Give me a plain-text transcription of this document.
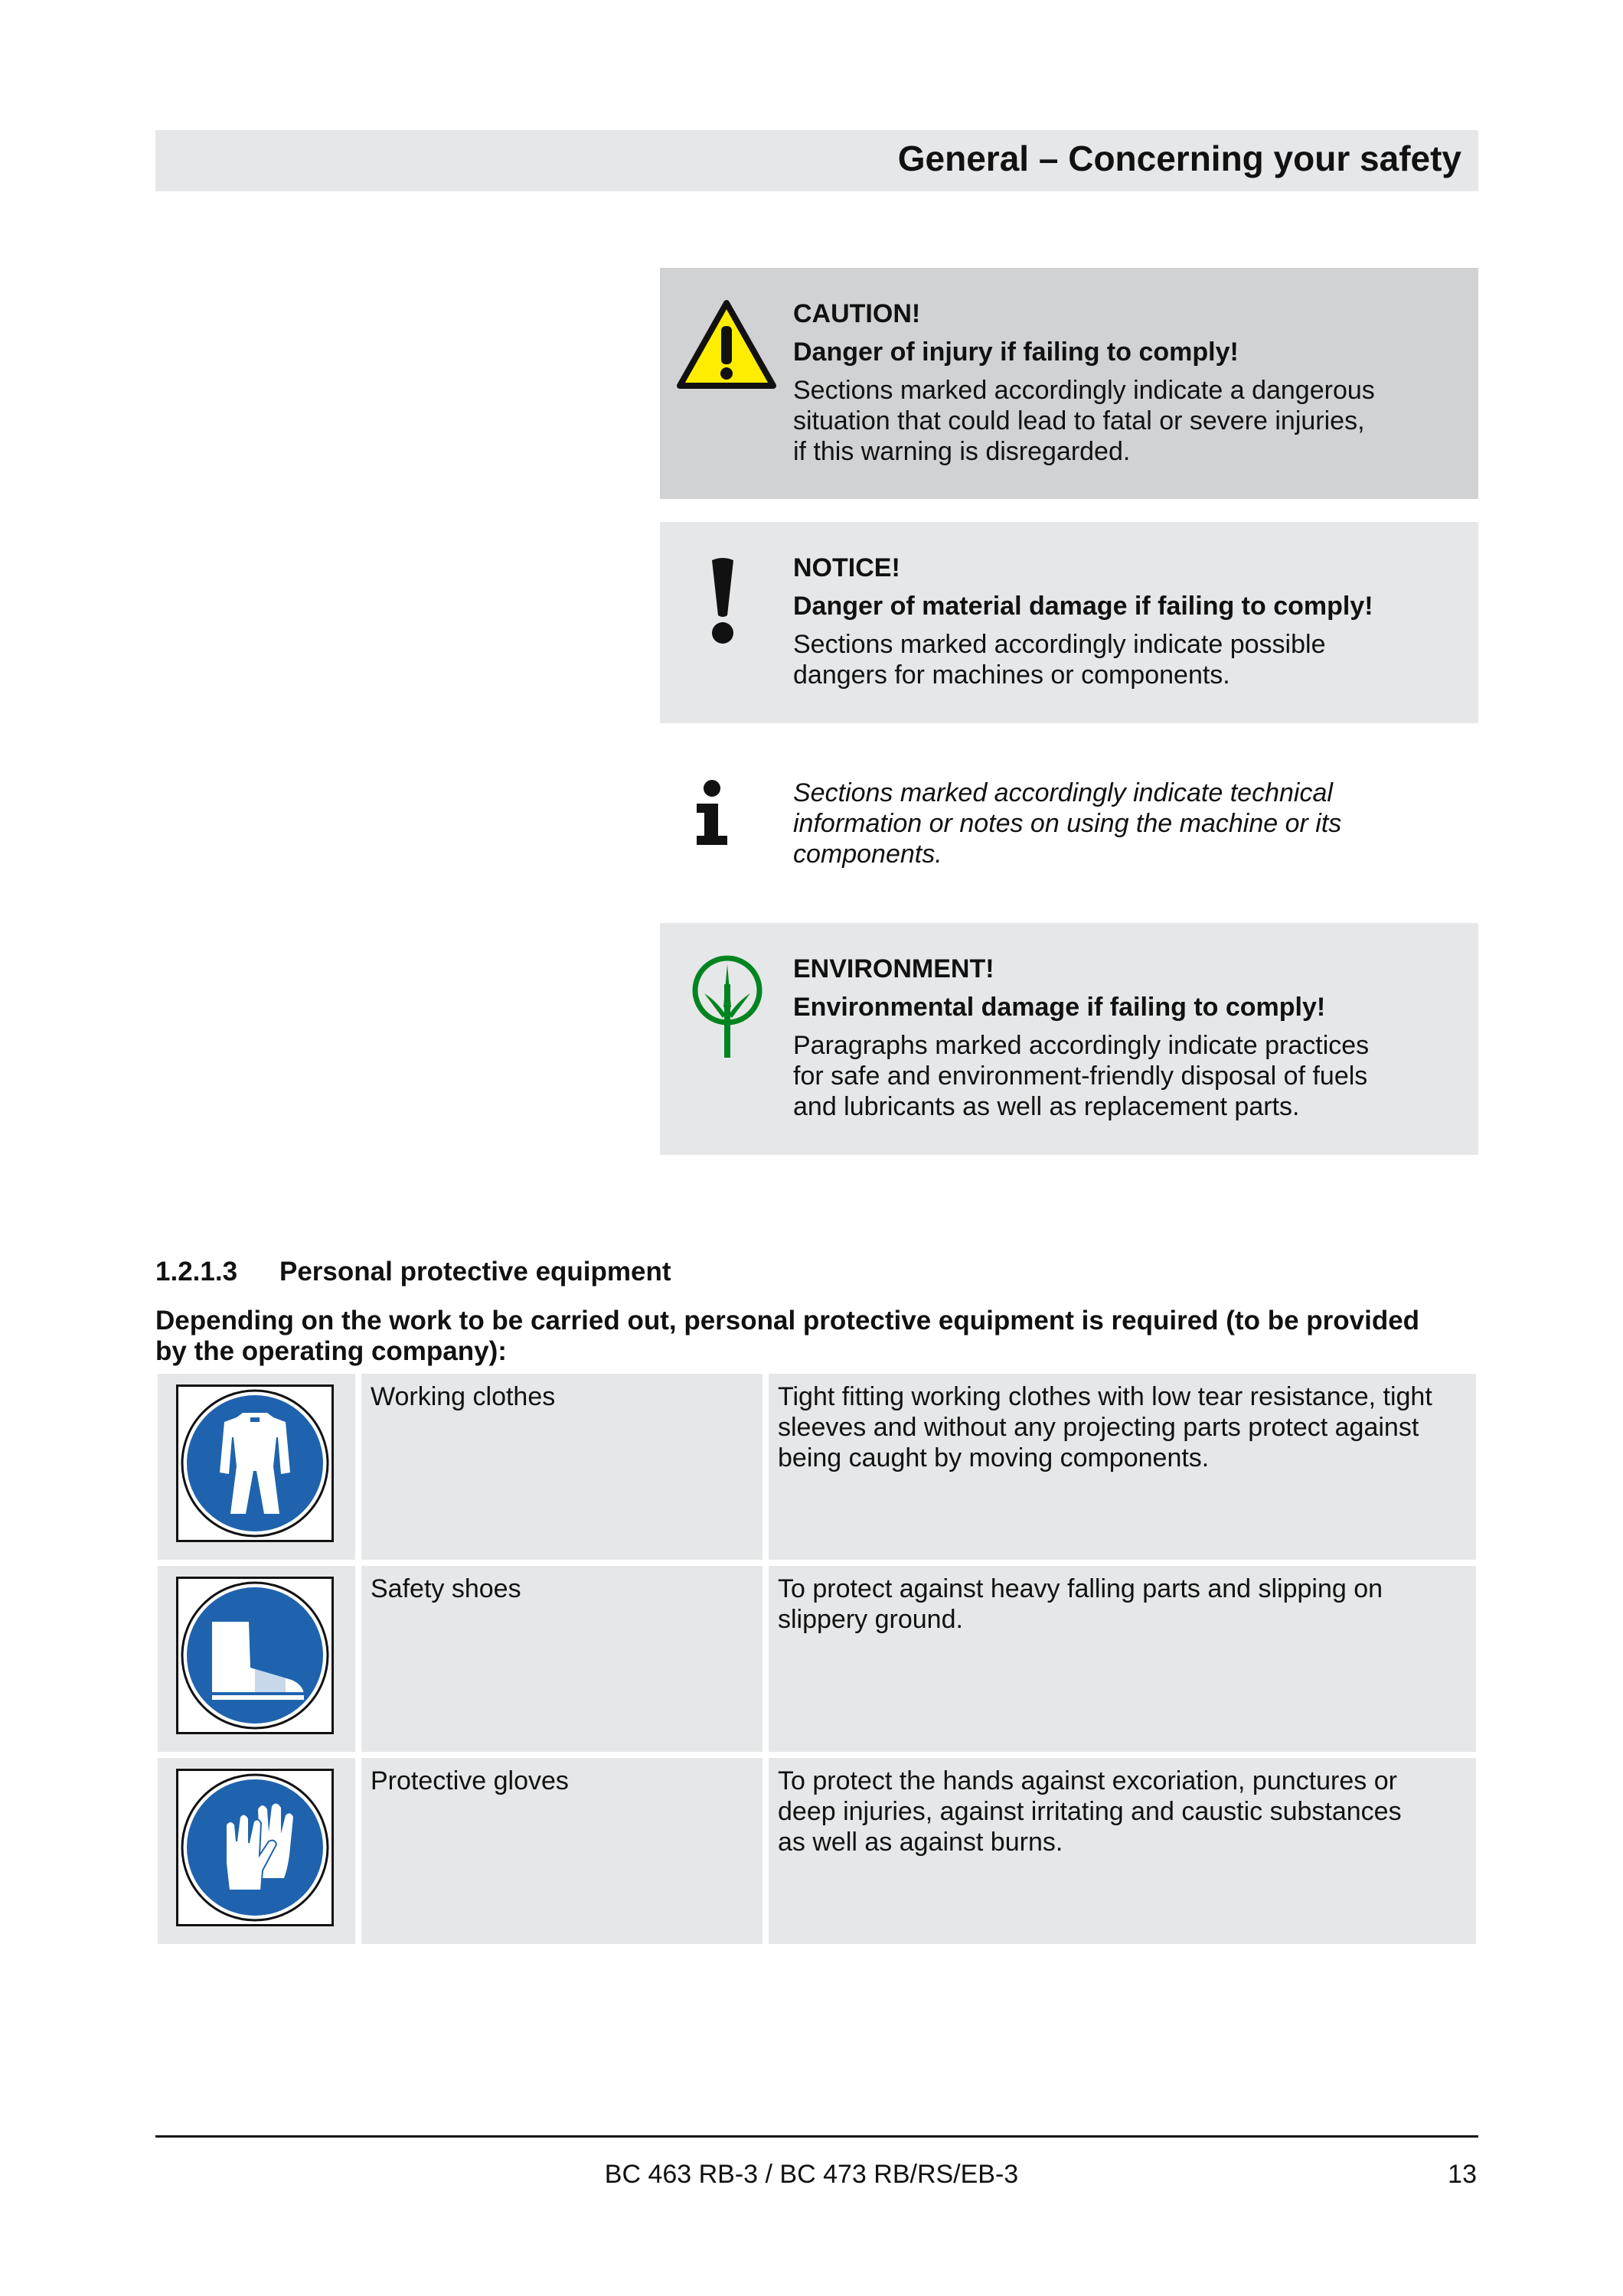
General – Concerning your safety
CAUTION!
Danger of injury if failing to comply!
Sections marked accordingly indicate a dangerous
situation that could lead to fatal or severe injuries,
if this warning is disregarded.
NOTICE!
Danger of material damage if failing to comply!
Sections marked accordingly indicate possible
dangers for machines or components.
Sections marked accordingly indicate technical
information or notes on using the machine or its
components.
ENVIRONMENT!
Environmental damage if failing to comply!
Paragraphs marked accordingly indicate practices
for safe and environment-friendly disposal of fuels
and lubricants as well as replacement parts.
1.2.1.3 Personal protective equipment
Depending on the work to be carried out, personal protective equipment is required (to be provided
by the operating company):
Working clothes	Tight fitting working clothes with low tear resistance, tight
sleeves and without any projecting parts protect against
being caught by moving components.
Safety shoes	To protect against heavy falling parts and slipping on
slippery ground.
Protective gloves	To protect the hands against excoriation, punctures or
deep injuries, against irritating and caustic substances
as well as against burns.
BC 463 RB-3 / BC 473 RB/RS/EB-3	13
